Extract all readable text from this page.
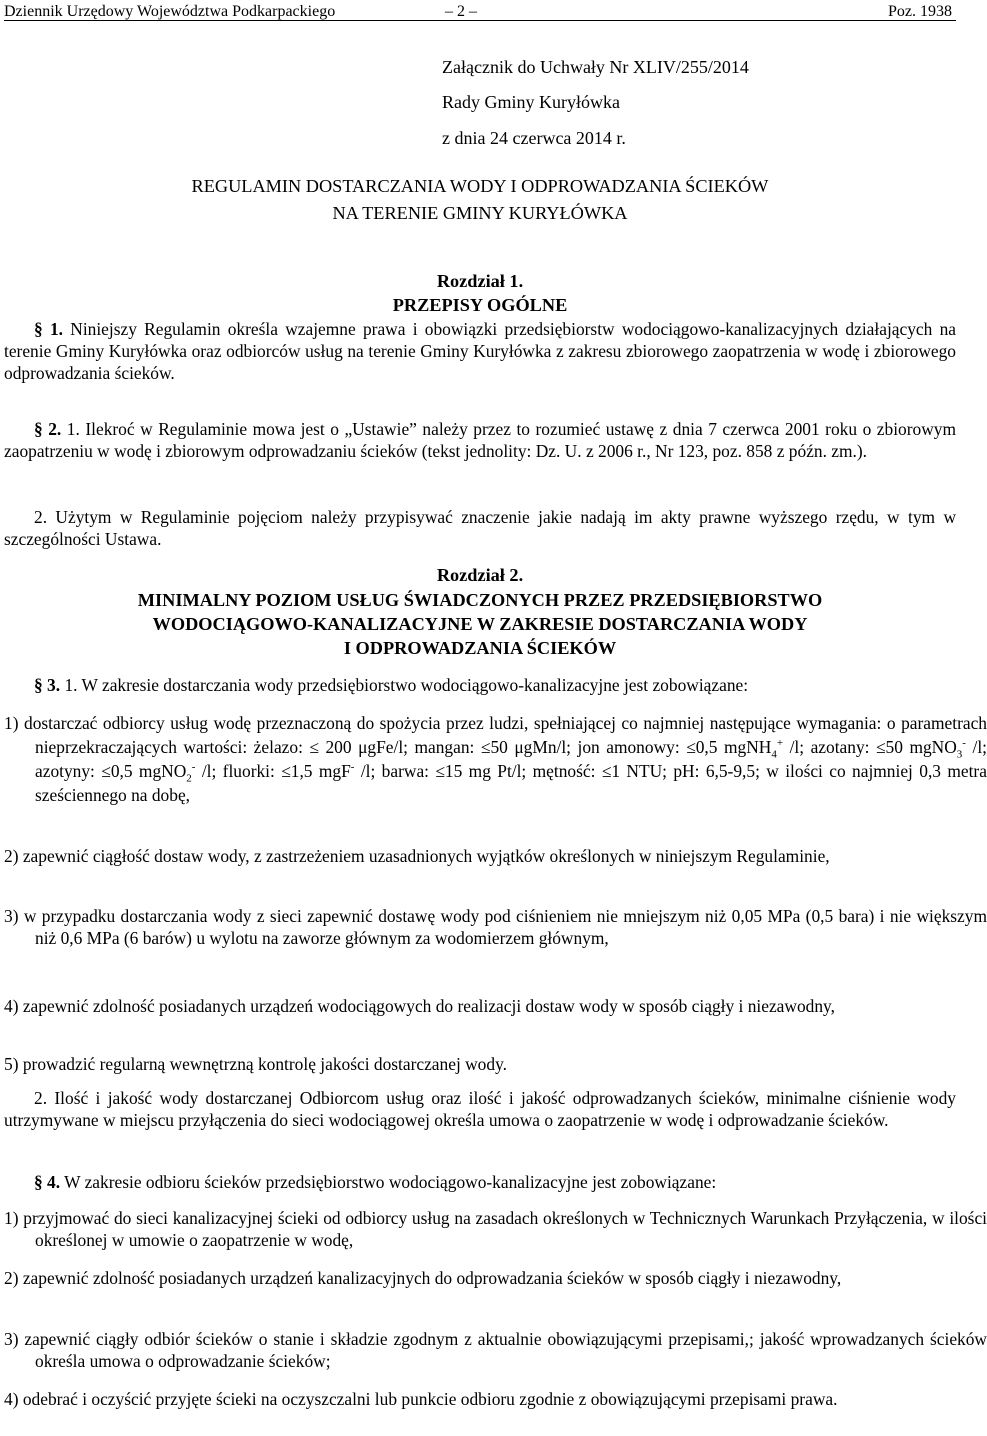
Dziennik Urzędowy Województwa Podkarpackiego	– 2 –	Poz. 1938
Załącznik do Uchwały Nr XLIV/255/2014
Rady Gminy Kuryłówka
z dnia 24 czerwca 2014 r.
REGULAMIN DOSTARCZANIA WODY I ODPROWADZANIA ŚCIEKÓW
NA TERENIE GMINY KURYŁÓWKA
Rozdział 1.
PRZEPISY OGÓLNE
§ 1. Niniejszy Regulamin określa wzajemne prawa i obowiązki przedsiębiorstw wodociągowo-kanalizacyjnych działających na terenie Gminy Kuryłówka oraz odbiorców usług na terenie Gminy Kuryłówka z zakresu zbiorowego zaopatrzenia w wodę i zbiorowego odprowadzania ścieków.
§ 2. 1. Ilekroć w Regulaminie mowa jest o „Ustawie” należy przez to rozumieć ustawę z dnia 7 czerwca 2001 roku o zbiorowym zaopatrzeniu w wodę i zbiorowym odprowadzaniu ścieków (tekst jednolity: Dz. U. z 2006 r., Nr 123, poz. 858 z późn. zm.).
2. Użytym w Regulaminie pojęciom należy przypisywać znaczenie jakie nadają im akty prawne wyższego rzędu, w tym w szczególności Ustawa.
Rozdział 2.
MINIMALNY POZIOM USŁUG ŚWIADCZONYCH PRZEZ PRZEDSIĘBIORSTWO
WODOCIĄGOWO-KANALIZACYJNE W ZAKRESIE DOSTARCZANIA WODY
I ODPROWADZANIA ŚCIEKÓW
§ 3. 1. W zakresie dostarczania wody przedsiębiorstwo wodociągowo-kanalizacyjne jest zobowiązane:
1) dostarczać odbiorcy usług wodę przeznaczoną do spożycia przez ludzi, spełniającej co najmniej następujące wymagania: o parametrach nieprzekraczających wartości: żelazo: ≤ 200 μgFe/l; mangan: ≤50 μgMn/l; jon amonowy: ≤0,5 mgNH$_4$+ /l; azotany: ≤50 mgNO$_3$- /l; azotyny: ≤0,5 mgNO$_2$- /l; fluorki: ≤1,5 mgF- /l; barwa: ≤15 mg Pt/l; mętność: ≤1 NTU; pH: 6,5-9,5; w ilości co najmniej 0,3 metra sześciennego na dobę,
2) zapewnić ciągłość dostaw wody, z zastrzeżeniem uzasadnionych wyjątków określonych w niniejszym Regulaminie,
3) w przypadku dostarczania wody z sieci zapewnić dostawę wody pod ciśnieniem nie mniejszym niż 0,05 MPa (0,5 bara) i nie większym niż 0,6 MPa (6 barów) u wylotu na zaworze głównym za wodomierzem głównym,
4) zapewnić zdolność posiadanych urządzeń wodociągowych do realizacji dostaw wody w sposób ciągły i niezawodny,
5) prowadzić regularną wewnętrzną kontrolę jakości dostarczanej wody.
2. Ilość i jakość wody dostarczanej Odbiorcom usług oraz ilość i jakość odprowadzanych ścieków, minimalne ciśnienie wody utrzymywane w miejscu przyłączenia do sieci wodociągowej określa umowa o zaopatrzenie w wodę i odprowadzanie ścieków.
§ 4. W zakresie odbioru ścieków przedsiębiorstwo wodociągowo-kanalizacyjne jest zobowiązane:
1) przyjmować do sieci kanalizacyjnej ścieki od odbiorcy usług na zasadach określonych w Technicznych Warunkach Przyłączenia, w ilości określonej w umowie o zaopatrzenie w wodę,
2) zapewnić zdolność posiadanych urządzeń kanalizacyjnych do odprowadzania ścieków w sposób ciągły i niezawodny,
3) zapewnić ciągły odbiór ścieków o stanie i składzie zgodnym z aktualnie obowiązującymi przepisami,; jakość wprowadzanych ścieków określa umowa o odprowadzanie ścieków;
4) odebrać i oczyścić przyjęte ścieki na oczyszczalni lub punkcie odbioru zgodnie z obowiązującymi przepisami prawa.
